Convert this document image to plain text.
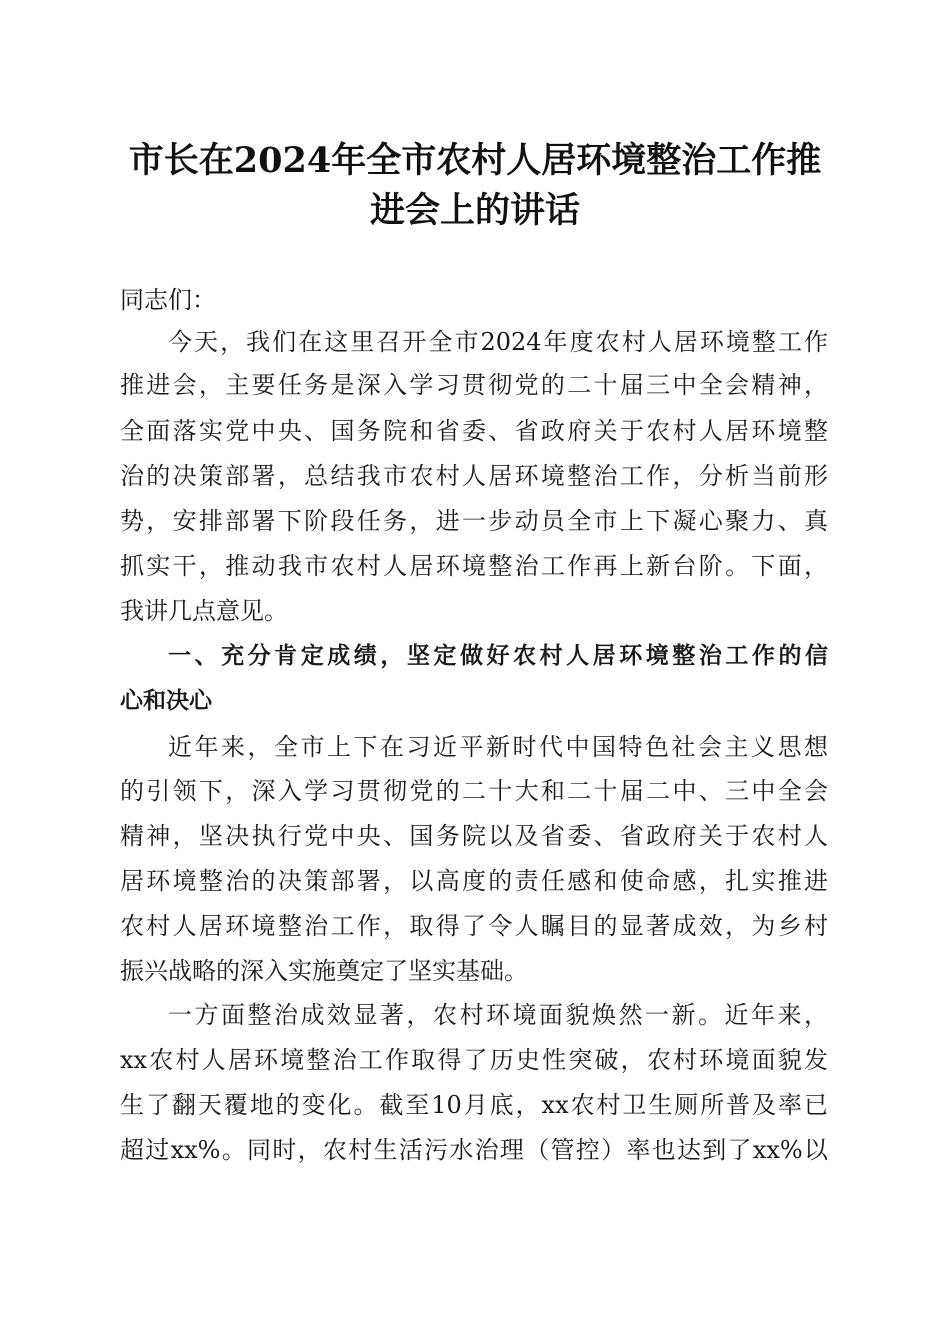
市长在2024年全市农村人居环境整治工作推
进会上的讲话
同志们：
今天，我们在这里召开全市2024年度农村人居环境整工作
推进会，主要任务是深入学习贯彻党的二十届三中全会精神，
全面落实党中央、国务院和省委、省政府关于农村人居环境整
治的决策部署，总结我市农村人居环境整治工作，分析当前形
势，安排部署下阶段任务，进一步动员全市上下凝心聚力、真
抓实干，推动我市农村人居环境整治工作再上新台阶。下面，
我讲几点意见。
一、充分肯定成绩，坚定做好农村人居环境整治工作的信
心和决心
近年来，全市上下在习近平新时代中国特色社会主义思想
的引领下，深入学习贯彻党的二十大和二十届二中、三中全会
精神，坚决执行党中央、国务院以及省委、省政府关于农村人
居环境整治的决策部署，以高度的责任感和使命感，扎实推进
农村人居环境整治工作，取得了令人瞩目的显著成效，为乡村
振兴战略的深入实施奠定了坚实基础。
一方面整治成效显著，农村环境面貌焕然一新。近年来，
xx农村人居环境整治工作取得了历史性突破，农村环境面貌发
生了翻天覆地的变化。截至10月底，xx农村卫生厕所普及率已
超过xx%。同时，农村生活污水治理（管控）率也达到了xx%以
